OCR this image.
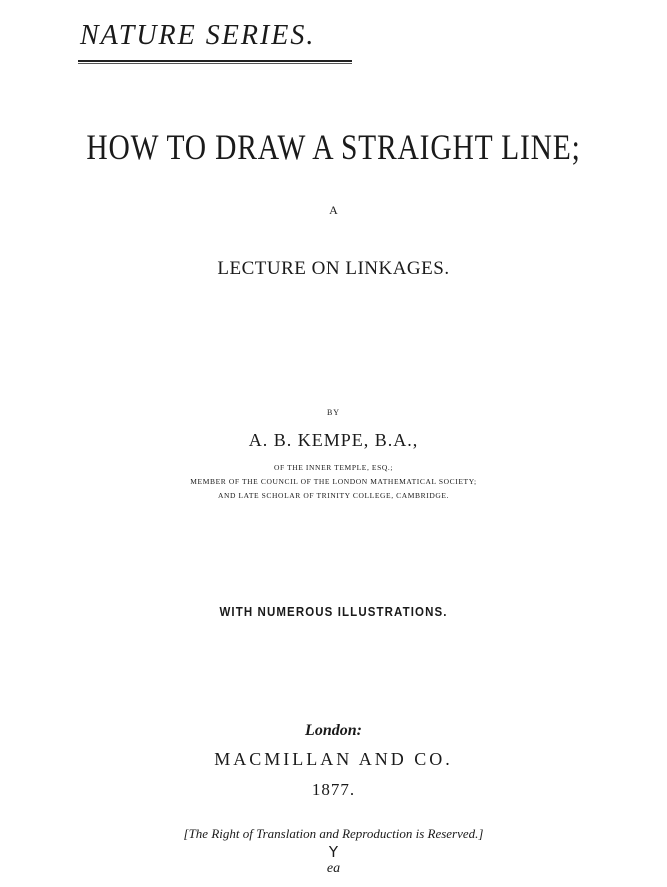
NATURE SERIES.
HOW TO DRAW A STRAIGHT LINE;
A
LECTURE ON LINKAGES.
BY
A. B. KEMPE, B.A.,
OF THE INNER TEMPLE, ESQ.;
MEMBER OF THE COUNCIL OF THE LONDON MATHEMATICAL SOCIETY;
AND LATE SCHOLAR OF TRINITY COLLEGE, CAMBRIDGE.
WITH NUMEROUS ILLUSTRATIONS.
London:
MACMILLAN AND CO.
1877.
[The Right of Translation and Reproduction is Reserved.]
Y
ea
